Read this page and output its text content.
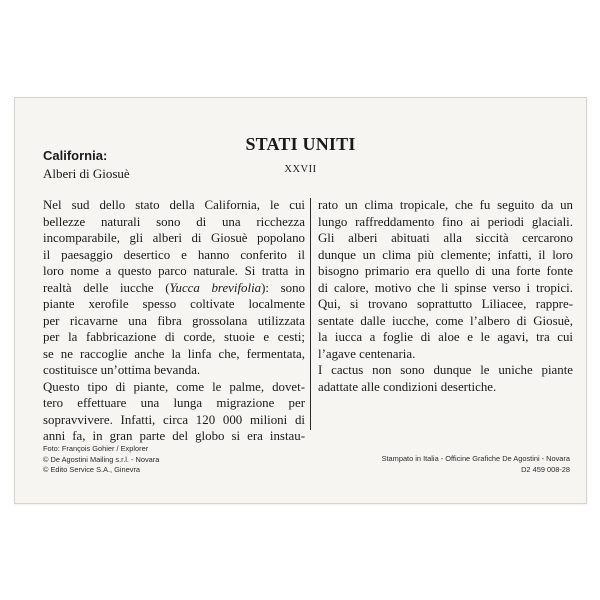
STATI UNITI
XXVII
California:
Alberi di Giosuè
Nel sud dello stato della California, le cui
bellezze naturali sono di una ricchezza
incomparabile, gli alberi di Giosuè popolano
il paesaggio desertico e hanno conferito il
loro nome a questo parco naturale. Si tratta in
realtà delle iucche (Yucca brevifolia): sono
piante xerofile spesso coltivate localmente
per ricavarne una fibra grossolana utilizzata
per la fabbricazione di corde, stuoie e cesti;
se ne raccoglie anche la linfa che, fermentata,
costituisce un’ottima bevanda.
Questo tipo di piante, come le palme, dovet-
tero effettuare una lunga migrazione per
sopravvivere. Infatti, circa 120 000 milioni di
anni fa, in gran parte del globo si era instau-
rato un clima tropicale, che fu seguito da un
lungo raffreddamento fino ai periodi glaciali.
Gli alberi abituati alla siccità cercarono
dunque un clima più clemente; infatti, il loro
bisogno primario era quello di una forte fonte
di calore, motivo che li spinse verso i tropici.
Qui, si trovano soprattutto Liliacee, rappre-
sentate dalle iucche, come l’albero di Giosuè,
la iucca a foglie di aloe e le agavi, tra cui
l’agave centenaria.
I cactus non sono dunque le uniche piante
adattate alle condizioni desertiche.
Foto: François Gohier / Explorer
© De Agostini Mailing s.r.l. - Novara
© Edito Service S.A., Ginevra
Stampato in Italia - Officine Grafiche De Agostini - Novara
D2 459 008-28
